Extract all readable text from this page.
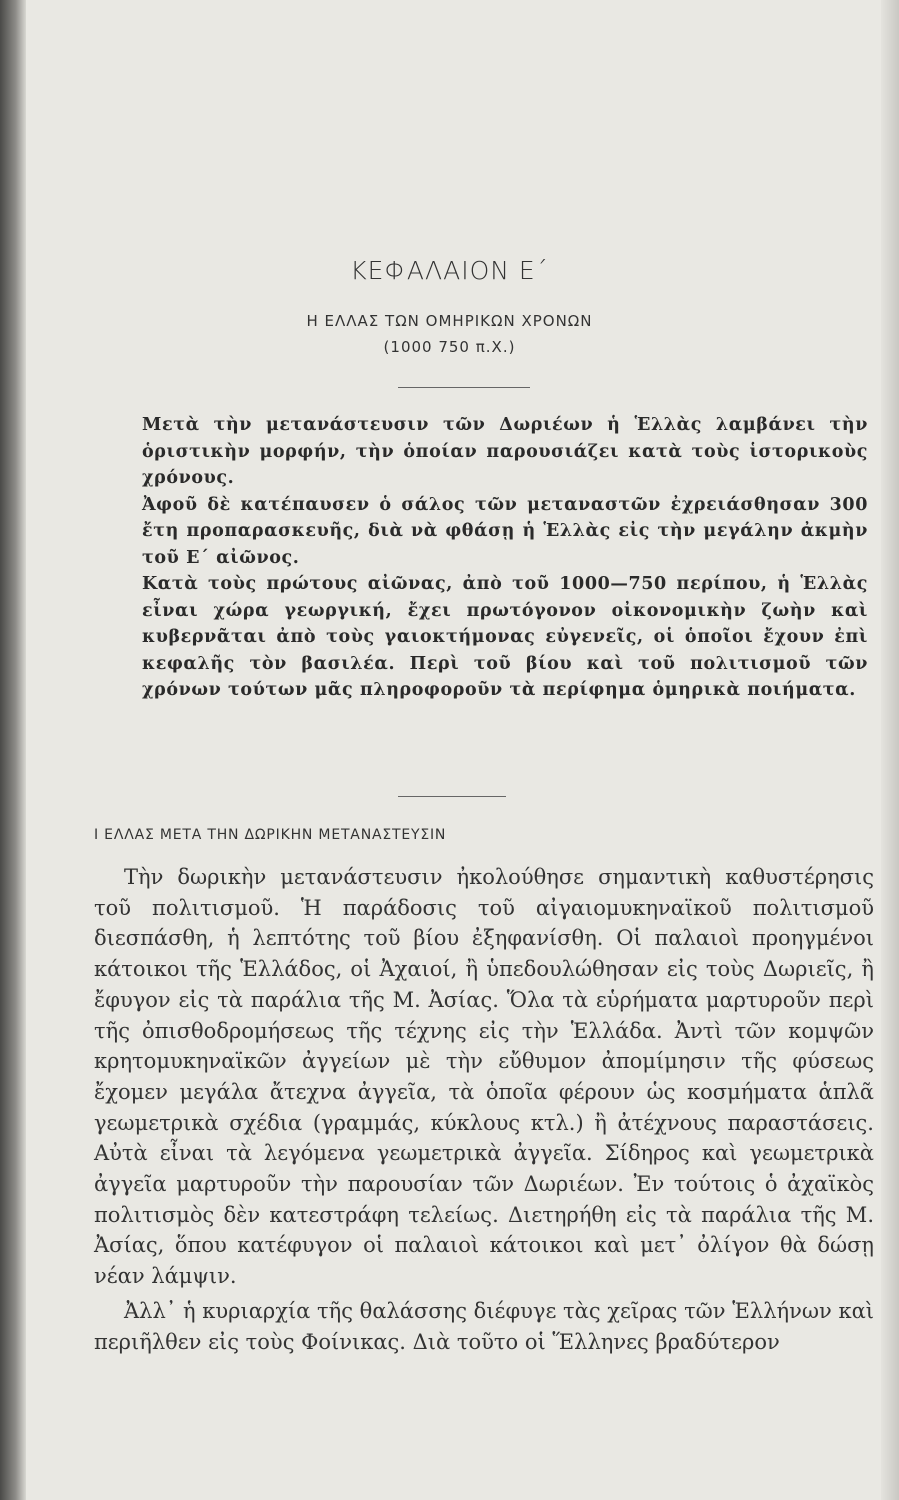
ΚΕΦΑΛΑΙΟΝ Ε΄
Η ΕΛΛΑΣ ΤΩΝ ΟΜΗΡΙΚΩΝ ΧΡΟΝΩΝ
(1000 750 π.Χ.)

Μετὰ τὴν μετανάστευσιν τῶν Δωριέων ἡ Ἑλλὰς λαμβάνει τὴν ὁριστικὴν μορφήν, τὴν ὁποίαν παρουσιάζει κατὰ τοὺς ἱστορικοὺς χρόνους.

Ἀφοῦ δὲ κατέπαυσεν ὁ σάλος τῶν μεταναστῶν ἐχρειάσθησαν 300 ἔτη προπαρασκευῆς, διὰ νὰ φθάσῃ ἡ Ἑλλὰς εἰς τὴν μεγάλην ἀκμὴν τοῦ Ε΄ αἰῶνος.

Κατὰ τοὺς πρώτους αἰῶνας, ἀπὸ τοῦ 1000—750 περίπου, ἡ Ἑλλὰς εἶναι χώρα γεωργική, ἔχει πρωτόγονον οἰκονομικὴν ζωὴν καὶ κυβερνᾶται ἀπὸ τοὺς γαιοκτήμονας εὐγενεῖς, οἱ ὁποῖοι ἔχουν ἐπὶ κεφαλῆς τὸν βασιλέα. Περὶ τοῦ βίου καὶ τοῦ πολιτισμοῦ τῶν χρόνων τούτων μᾶς πληροφοροῦν τὰ περίφημα ὁμηρικὰ ποιήματα.

Ι ΕΛΛΑΣ ΜΕΤΑ ΤΗΝ ΔΩΡΙΚΗΝ ΜΕΤΑΝΑΣΤΕΥΣΙΝ

Τὴν δωρικὴν μετανάστευσιν ἠκολούθησε σημαντικὴ καθυστέρησις τοῦ πολιτισμοῦ. Ἡ παράδοσις τοῦ αἰγαιομυκηναϊκοῦ πολιτισμοῦ διεσπάσθη, ἡ λεπτότης τοῦ βίου ἐξηφανίσθη. Οἱ παλαιοὶ προηγμένοι κάτοικοι τῆς Ἑλλάδος, οἱ Ἀχαιοί, ἢ ὑπεδουλώθησαν εἰς τοὺς Δωριεῖς, ἢ ἔφυγον εἰς τὰ παράλια τῆς Μ. Ἀσίας. Ὅλα τὰ εὑρήματα μαρτυροῦν περὶ τῆς ὀπισθοδρομήσεως τῆς τέχνης εἰς τὴν Ἑλλάδα. Ἀντὶ τῶν κομψῶν κρητομυκηναϊκῶν ἀγγείων μὲ τὴν εὔθυμον ἀπομίμησιν τῆς φύσεως ἔχομεν μεγάλα ἄτεχνα ἀγγεῖα, τὰ ὁποῖα φέρουν ὡς κοσμήματα ἁπλᾶ γεωμετρικὰ σχέδια (γραμμάς, κύκλους κτλ.) ἢ ἀτέχνους παραστάσεις. Αὐτὰ εἶναι τὰ λεγόμενα γεωμετρικὰ ἀγγεῖα. Σίδηρος καὶ γεωμετρικὰ ἀγγεῖα μαρτυροῦν τὴν παρουσίαν τῶν Δωριέων. Ἐν τούτοις ὁ ἀχαϊκὸς πολιτισμὸς δὲν κατεστράφη τελείως. Διετηρήθη εἰς τὰ παράλια τῆς Μ. Ἀσίας, ὅπου κατέφυγον οἱ παλαιοὶ κάτοικοι καὶ μετ᾽ ὀλίγον θὰ δώσῃ νέαν λάμψιν.

Ἀλλ᾽ ἡ κυριαρχία τῆς θαλάσσης διέφυγε τὰς χεῖρας τῶν Ἑλλήνων καὶ περιῆλθεν εἰς τοὺς Φοίνικας. Διὰ τοῦτο οἱ Ἕλληνες βραδύτερον
